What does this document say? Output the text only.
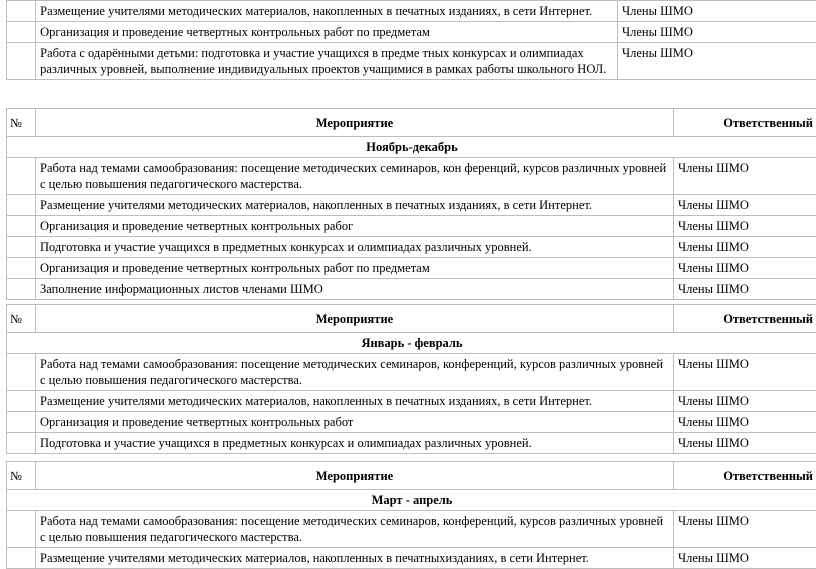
	Размещение учителями методических материалов, накопленных в печатных изданиях, в сети Интернет.	Члены ШМО
	Организация и проведение четвертных контрольных работ по предметам	Члены ШМО
	Работа с одарёнными детьми: подготовка и участие учащихся в предме тных конкурсах и олимпиадах различных уровней, выполнение индивидуальных проектов учащимися в рамках работы школьного НОЛ.	Члены ШМО
№	Мероприятие	Ответственный
Ноябрь-декабрь		
	Работа над темами самообразования: посещение методических семинаров, кон ференций, курсов различных уровней с целью повышения педагогического мастерства.	Члены ШМО
	Размещение учителями методических материалов, накопленных в печатных изданиях, в сети Интернет.	Члены ШМО
	Организация и проведение четвертных контрольных рабог	Члены ШМО
	Подготовка и участие учащихся в предметных конкурсах и олимпиадах различных уровней.	Члены ШМО
	Организация и проведение четвертных контрольных работ по предметам	Члены ШМО
	Заполнение информационных листов членами ШМО	Члены ШМО
№	Мероприятие	Ответственный
Январь - февраль		
	Работа над темами самообразования: посещение методических семинаров, конференций, курсов различных уровней с целью повышения педагогического мастерства.	Члены ШМО
	Размещение учителями методических материалов, накопленных в печатных изданиях, в сети Интернет.	Члены ШМО
	Организация и проведение четвертных контрольных работ	Члены ШМО
	Подготовка и участие учащихся в предметных конкурсах и олимпиадах различных уровней.	Члены ШМО
№	Мероприятие	Ответственный
Март - апрель		
	Работа над темами самообразования: посещение методических семинаров, конференций, курсов различных уровней с целью повышения педагогического мастерства.	Члены ШМО
	Размещение учителями методических материалов, накопленных в печатныхизданиях, в сети Интернет.	Члены ШМО
